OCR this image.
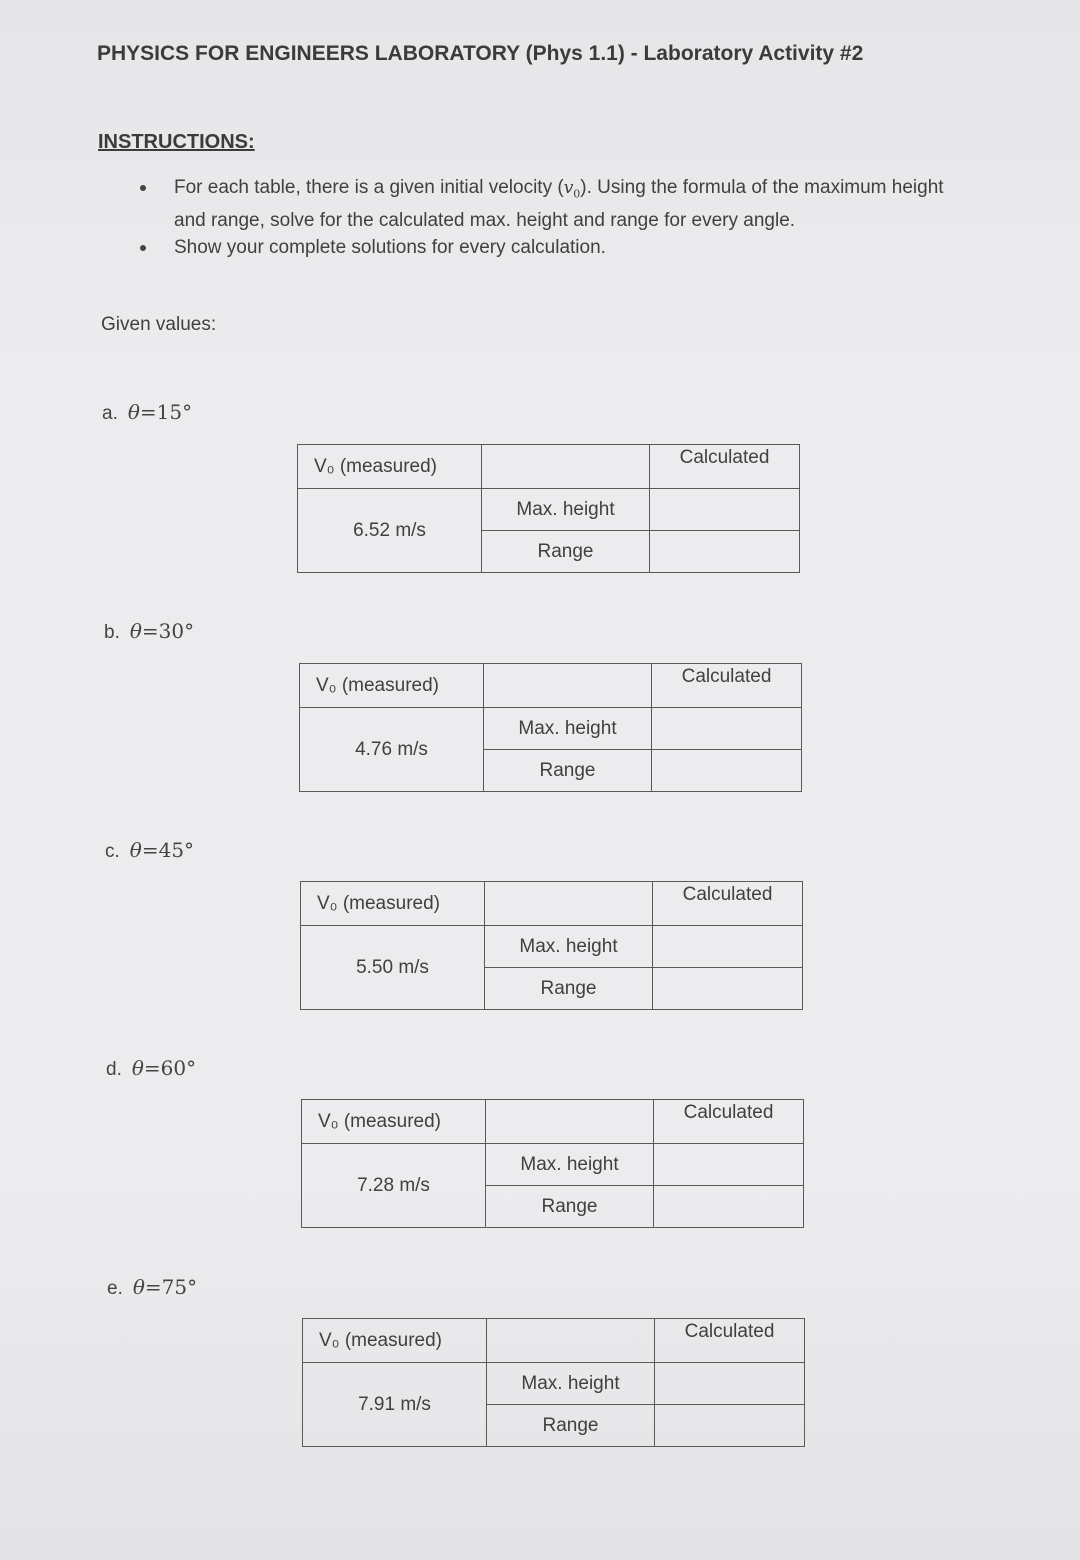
PHYSICS FOR ENGINEERS LABORATORY (Phys 1.1) - Laboratory Activity #2
INSTRUCTIONS:
For each table, there is a given initial velocity $(v_0)$. Using the formula of the maximum height and range, solve for the calculated max. height and range for every angle.
Show your complete solutions for every calculation.

Given values:

a. θ=15°
V₀ (measured)		Calculated
6.52 m/s	Max. height	
	Range	
b. θ=30°
V₀ (measured)		Calculated
4.76 m/s	Max. height	
	Range	
c. θ=45°
V₀ (measured)		Calculated
5.50 m/s	Max. height	
	Range	
d. θ=60°
V₀ (measured)		Calculated
7.28 m/s	Max. height	
	Range	
e. θ=75°
V₀ (measured)		Calculated
7.91 m/s	Max. height	
	Range	
